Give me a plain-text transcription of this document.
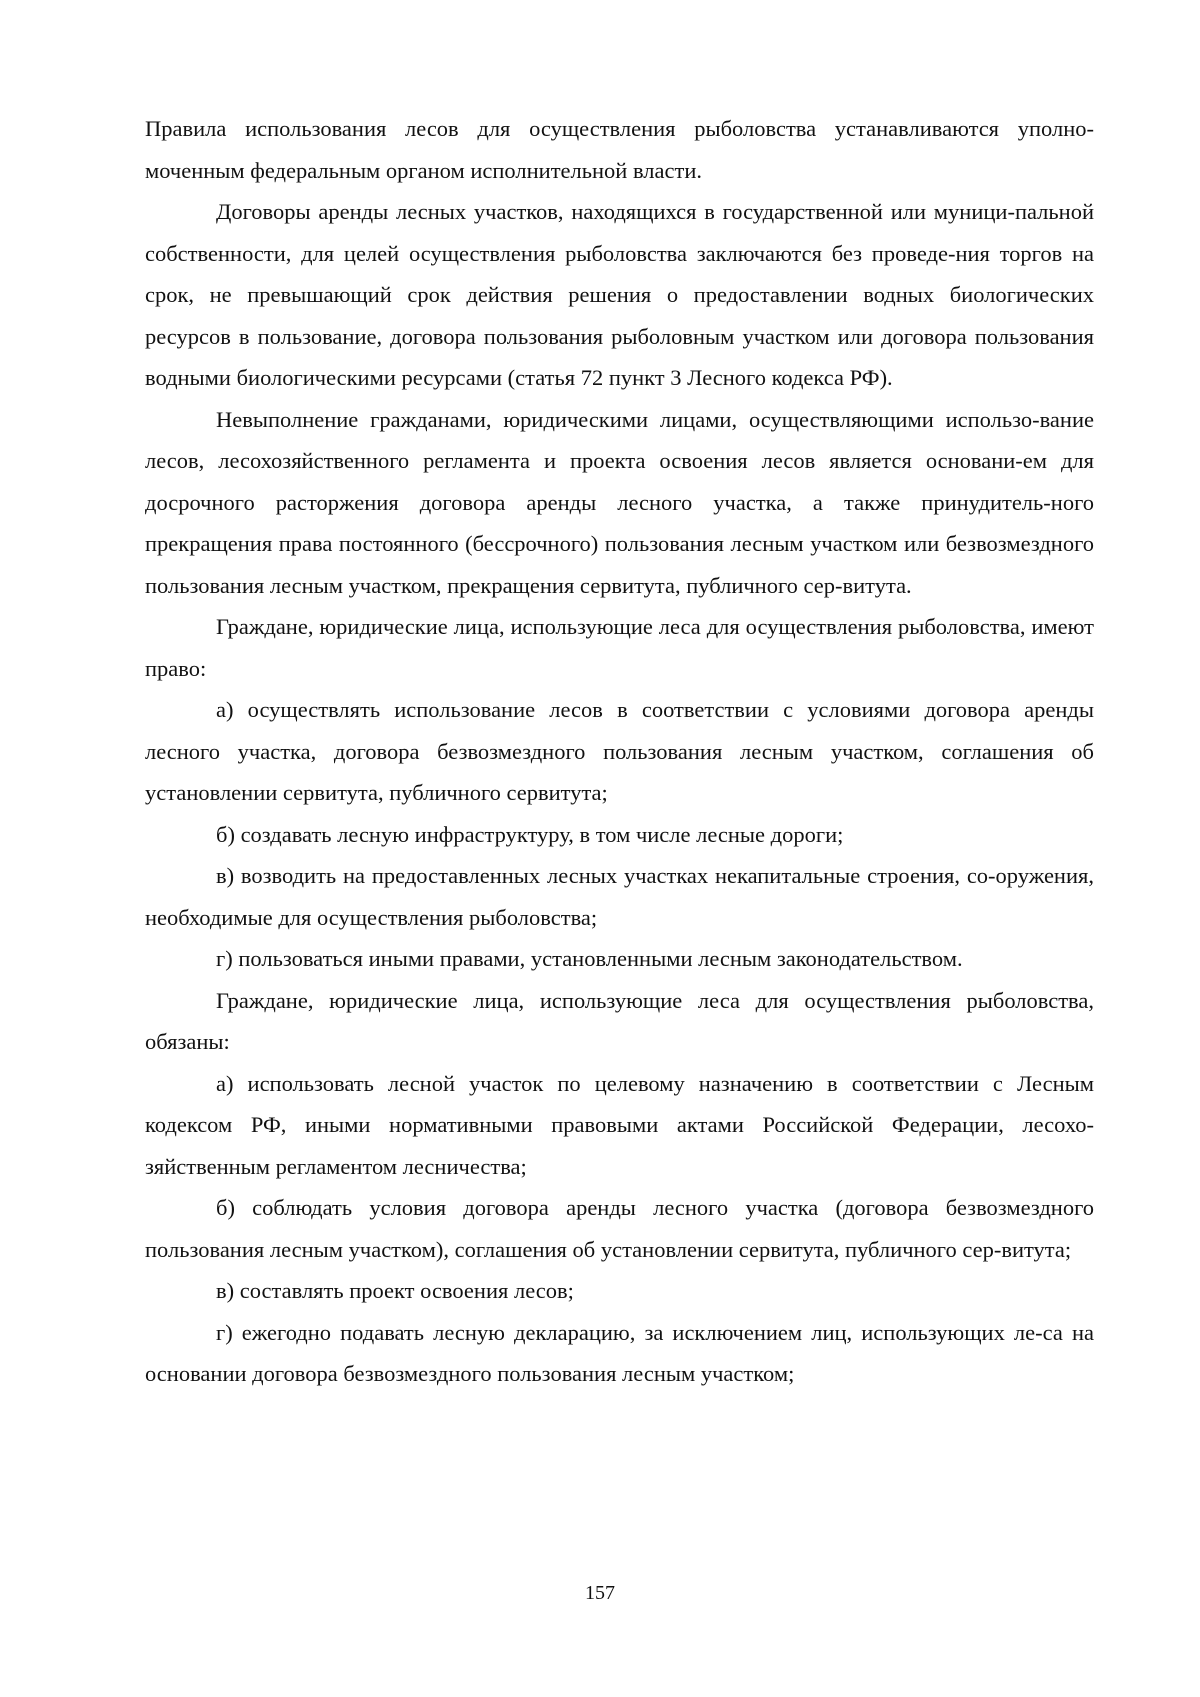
Правила использования лесов для осуществления рыболовства устанавливаются уполно-моченным федеральным органом исполнительной власти.

Договоры аренды лесных участков, находящихся в государственной или муници-пальной собственности, для целей осуществления рыболовства заключаются без проведе-ния торгов на срок, не превышающий срок действия решения о предоставлении водных биологических ресурсов в пользование, договора пользования рыболовным участком или договора пользования водными биологическими ресурсами (статья 72 пункт 3 Лесного кодекса РФ).

Невыполнение гражданами, юридическими лицами, осуществляющими использо-вание лесов, лесохозяйственного регламента и проекта освоения лесов является основани-ем для досрочного расторжения договора аренды лесного участка, а также принудитель-ного прекращения права постоянного (бессрочного) пользования лесным участком или безвозмездного пользования лесным участком, прекращения сервитута, публичного сер-витута.

Граждане, юридические лица, использующие леса для осуществления рыболовства, имеют право:

а) осуществлять использование лесов в соответствии с условиями договора аренды лесного участка, договора безвозмездного пользования лесным участком, соглашения об установлении сервитута, публичного сервитута;

б) создавать лесную инфраструктуру, в том числе лесные дороги;

в) возводить на предоставленных лесных участках некапитальные строения, со-оружения, необходимые для осуществления рыболовства;

г) пользоваться иными правами, установленными лесным законодательством.

Граждане, юридические лица, использующие леса для осуществления рыболовства, обязаны:

а) использовать лесной участок по целевому назначению в соответствии с Лесным кодексом РФ, иными нормативными правовыми актами Российской Федерации, лесохо-зяйственным регламентом лесничества;

б) соблюдать условия договора аренды лесного участка (договора безвозмездного пользования лесным участком), соглашения об установлении сервитута, публичного сер-витута;

в) составлять проект освоения лесов;

г) ежегодно подавать лесную декларацию, за исключением лиц, использующих ле-са на основании договора безвозмездного пользования лесным участком;

157
